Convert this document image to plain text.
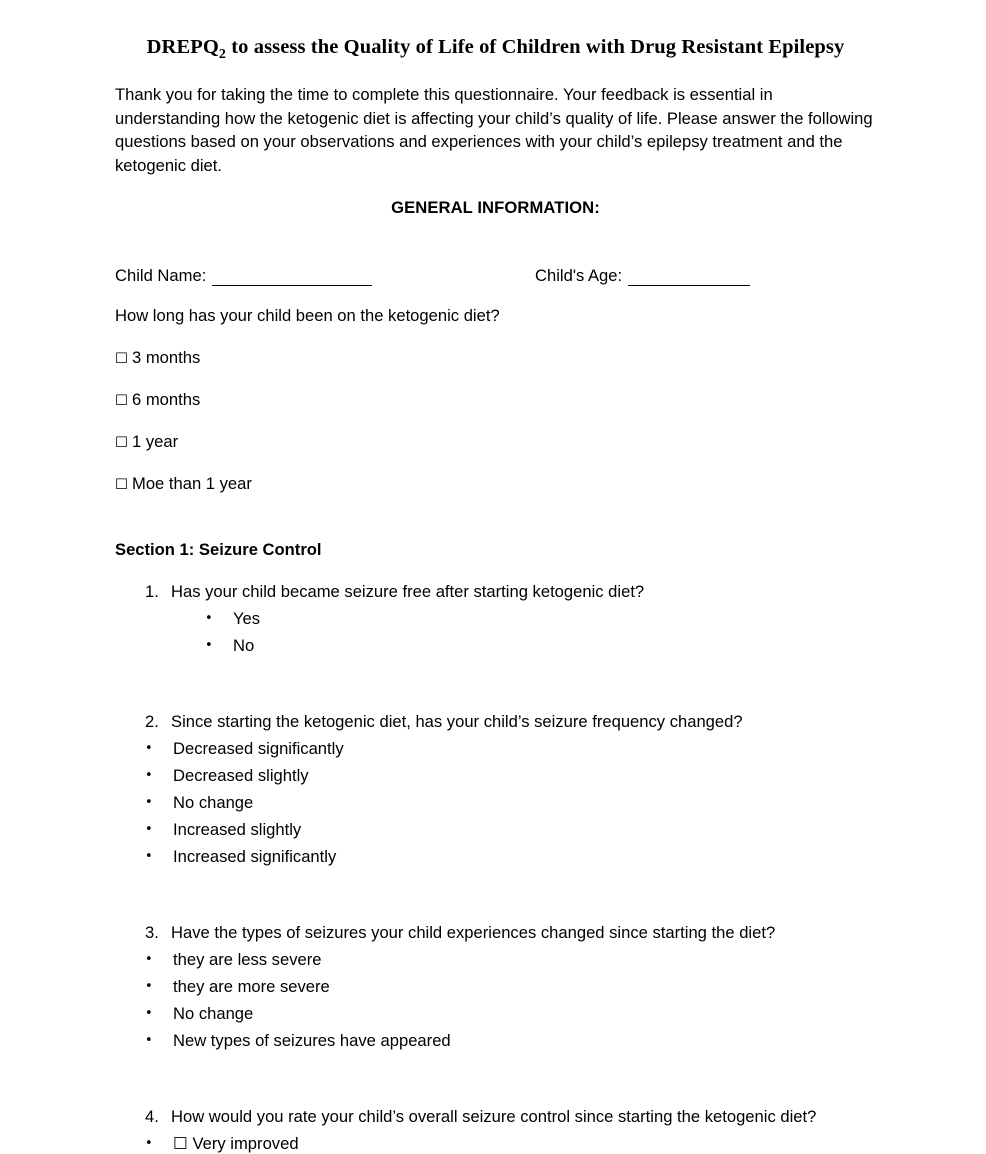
$DREPQ_2$ to assess the Quality of Life of Children with Drug Resistant Epilepsy

Thank you for taking the time to complete this questionnaire. Your feedback is essential in understanding how the ketogenic diet is affecting your child’s quality of life. Please answer the following questions based on your observations and experiences with your child’s epilepsy treatment and the ketogenic diet.

GENERAL INFORMATION:
Child Name:	Child's Age:
How long has your child been on the ketogenic diet?
☐ 3 months
☐ 6 months
☐ 1 year
☐ Moe than 1 year
Section 1: Seizure Control
1. Has your child became seizure free after starting ketogenic diet?
•	Yes
•	No
2. Since starting the ketogenic diet, has your child’s seizure frequency changed?
•	Decreased significantly
•	Decreased slightly
•	No change
•	Increased slightly
•	Increased significantly
3. Have the types of seizures your child experiences changed since starting the diet?
•	they are less severe
•	they are more severe
•	No change
•	New types of seizures have appeared
4. How would you rate your child’s overall seizure control since starting the ketogenic diet?
•	☐ Very improved
